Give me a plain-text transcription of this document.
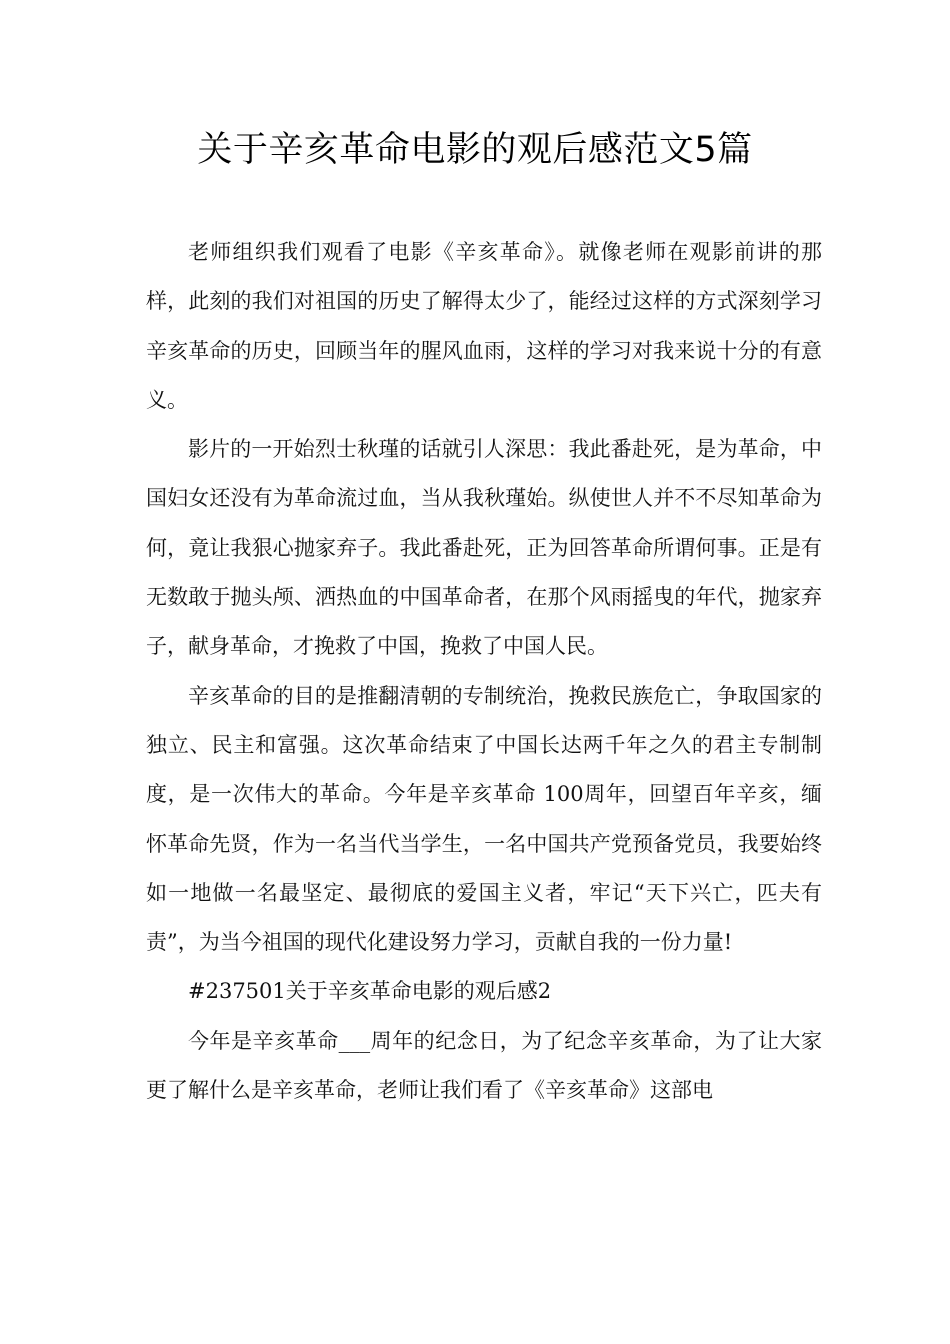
关于辛亥革命电影的观后感范文5篇

老师组织我们观看了电影《辛亥革命》。就像老师在观影前讲的那样，此刻的我们对祖国的历史了解得太少了，能经过这样的方式深刻学习辛亥革命的历史，回顾当年的腥风血雨，这样的学习对我来说十分的有意义。

影片的一开始烈士秋瑾的话就引人深思：我此番赴死，是为革命，中国妇女还没有为革命流过血，当从我秋瑾始。纵使世人并不不尽知革命为何，竟让我狠心抛家弃子。我此番赴死，正为回答革命所谓何事。正是有无数敢于抛头颅、洒热血的中国革命者，在那个风雨摇曳的年代，抛家弃子，献身革命，才挽救了中国，挽救了中国人民。

辛亥革命的目的是推翻清朝的专制统治，挽救民族危亡，争取国家的独立、民主和富强。这次革命结束了中国长达两千年之久的君主专制制度，是一次伟大的革命。今年是辛亥革命 100周年，回望百年辛亥，缅怀革命先贤，作为一名当代当学生，一名中国共产党预备党员，我要始终如一地做一名最坚定、最彻底的爱国主义者，牢记“天下兴亡，匹夫有责”，为当今祖国的现代化建设努力学习，贡献自我的一份力量!

#237501关于辛亥革命电影的观后感2

今年是辛亥革命___周年的纪念日，为了纪念辛亥革命，为了让大家更了解什么是辛亥革命，老师让我们看了《辛亥革命》这部电
